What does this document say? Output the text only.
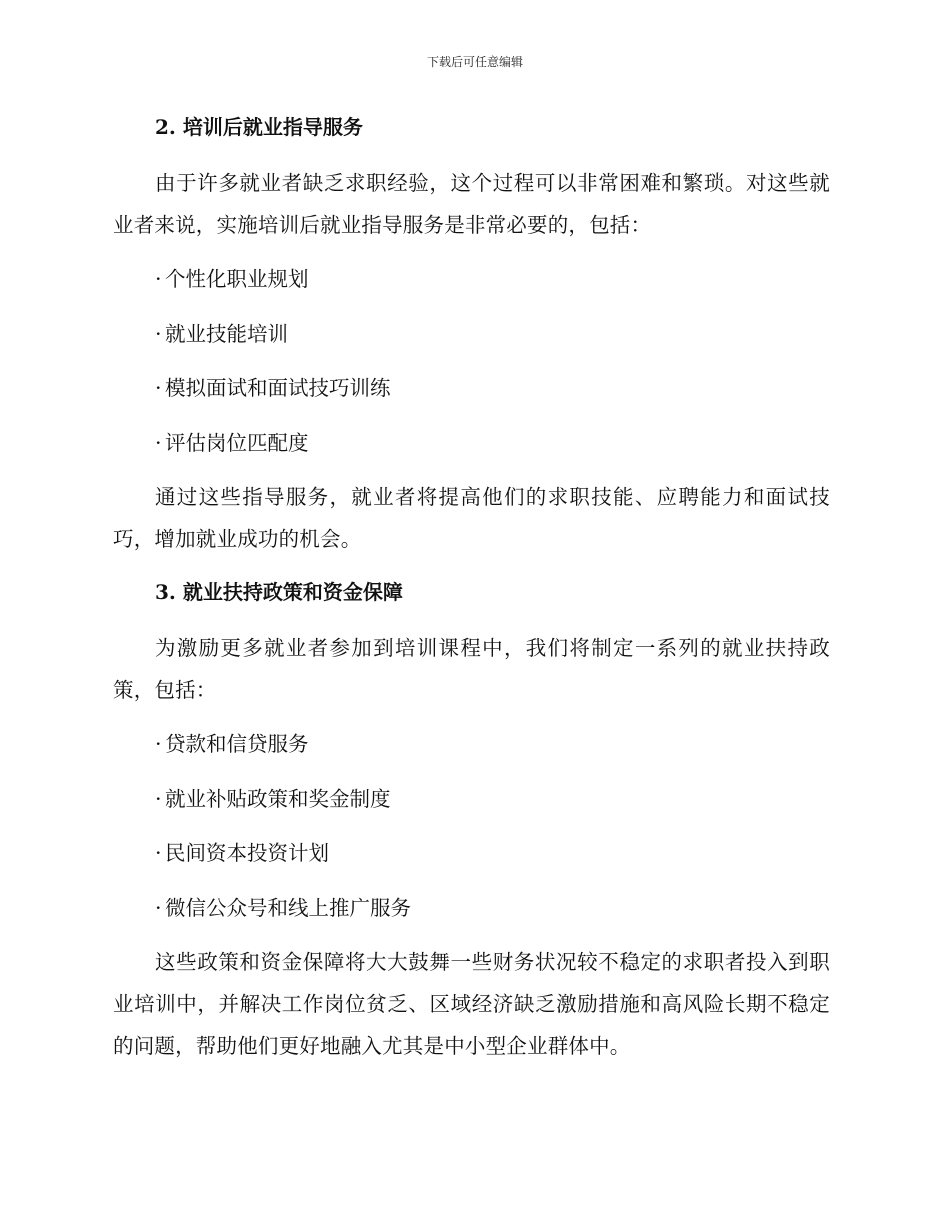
下载后可任意编辑
2. 培训后就业指导服务

由于许多就业者缺乏求职经验，这个过程可以非常困难和繁琐。对这些就业者来说，实施培训后就业指导服务是非常必要的，包括：

· 个性化职业规划

· 就业技能培训

· 模拟面试和面试技巧训练

· 评估岗位匹配度

通过这些指导服务，就业者将提高他们的求职技能、应聘能力和面试技巧，增加就业成功的机会。

3. 就业扶持政策和资金保障

为激励更多就业者参加到培训课程中，我们将制定一系列的就业扶持政策，包括：

· 贷款和信贷服务

· 就业补贴政策和奖金制度

· 民间资本投资计划

· 微信公众号和线上推广服务

这些政策和资金保障将大大鼓舞一些财务状况较不稳定的求职者投入到职业培训中，并解决工作岗位贫乏、区域经济缺乏激励措施和高风险长期不稳定的问题，帮助他们更好地融入尤其是中小型企业群体中。
